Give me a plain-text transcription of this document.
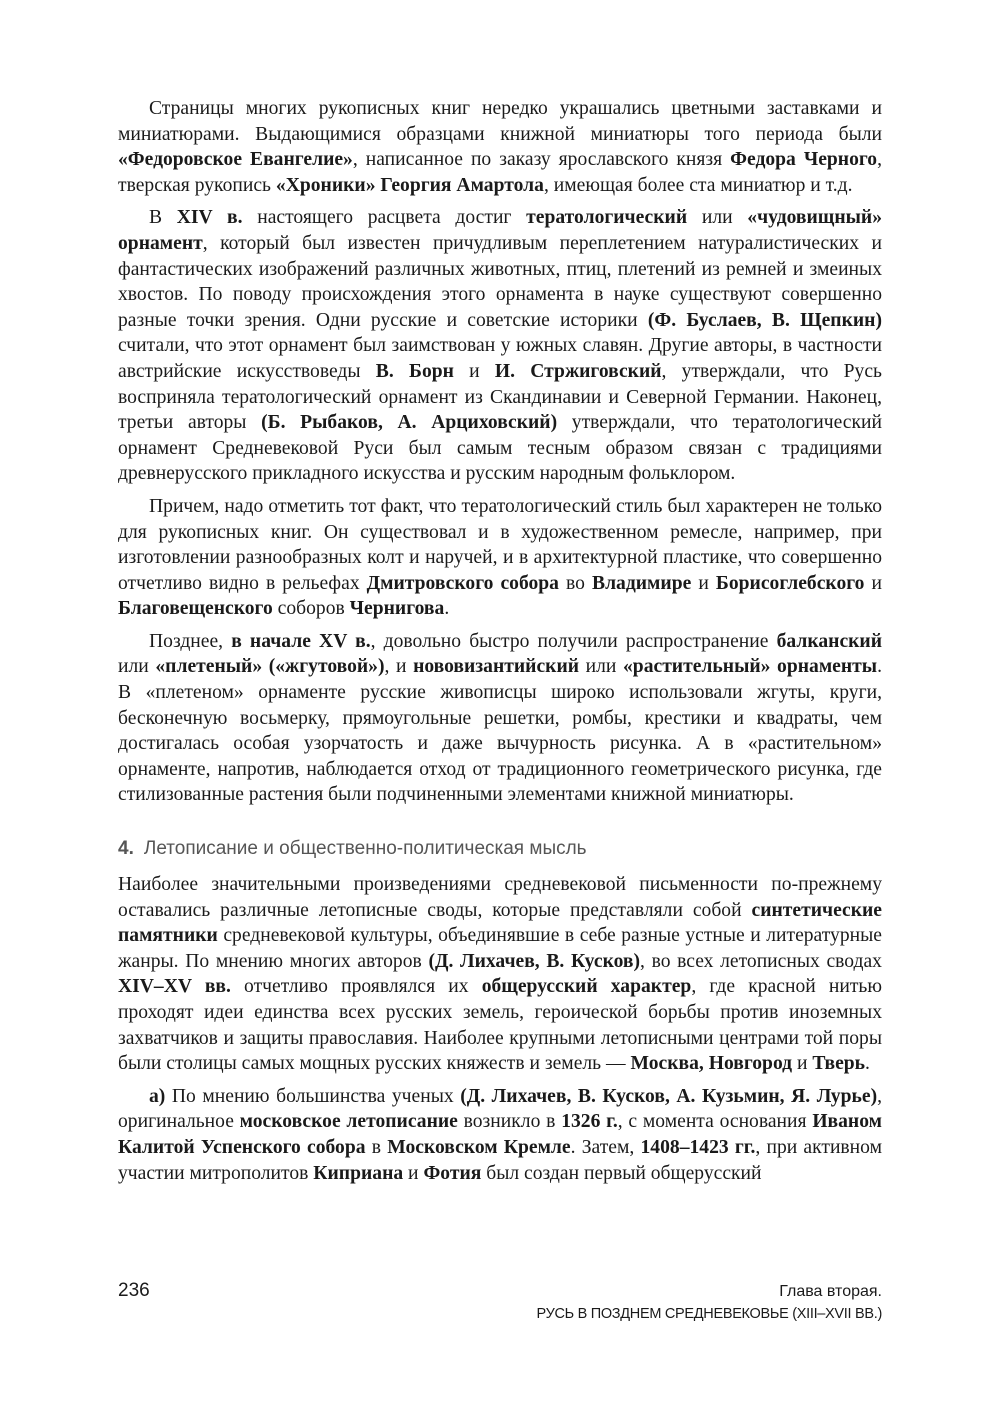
Страницы многих рукописных книг нередко украшались цветными заставками и миниатюрами. Выдающимися образцами книжной миниатюры того периода были «Федоровское Евангелие», написанное по заказу ярославского князя Федора Черного, тверская рукопись «Хроники» Георгия Амартола, имеющая более ста миниатюр и т.д.

В XIV в. настоящего расцвета достиг тератологический или «чудовищный» орнамент, который был известен причудливым переплетением натуралистических и фантастических изображений различных животных, птиц, плетений из ремней и змеиных хвостов. По поводу происхождения этого орнамента в науке существуют совершенно разные точки зрения. Одни русские и советские историки (Ф. Буслаев, В. Щепкин) считали, что этот орнамент был заимствован у южных славян. Другие авторы, в частности австрийские искусствоведы В. Борн и И. Стржиговский, утверждали, что Русь восприняла тератологический орнамент из Скандинавии и Северной Германии. Наконец, третьи авторы (Б. Рыбаков, А. Арциховский) утверждали, что тератологический орнамент Средневековой Руси был самым тесным образом связан с традициями древнерусского прикладного искусства и русским народным фольклором.

Причем, надо отметить тот факт, что тератологический стиль был характерен не только для рукописных книг. Он существовал и в художественном ремесле, например, при изготовлении разнообразных колт и наручей, и в архитектурной пластике, что совершенно отчетливо видно в рельефах Дмитровского собора во Владимире и Борисоглебского и Благовещенского соборов Чернигова.

Позднее, в начале XV в., довольно быстро получили распространение балканский или «плетеный» («жгутовой»), и нововизантийский или «растительный» орнаменты. В «плетеном» орнаменте русские живописцы широко использовали жгуты, круги, бесконечную восьмерку, прямоугольные решетки, ромбы, крестики и квадраты, чем достигалась особая узорчатость и даже вычурность рисунка. А в «растительном» орнаменте, напротив, наблюдается отход от традиционного геометрического рисунка, где стилизованные растения были подчиненными элементами книжной миниатюры.

4. Летописание и общественно-политическая мысль

Наиболее значительными произведениями средневековой письменности по-прежнему оставались различные летописные своды, которые представляли собой синтетические памятники средневековой культуры, объединявшие в себе разные устные и литературные жанры. По мнению многих авторов (Д. Лихачев, В. Кусков), во всех летописных сводах XIV–XV вв. отчетливо проявлялся их общерусский характер, где красной нитью проходят идеи единства всех русских земель, героической борьбы против иноземных захватчиков и защиты православия. Наиболее крупными летописными центрами той поры были столицы самых мощных русских княжеств и земель — Москва, Новгород и Тверь.

а) По мнению большинства ученых (Д. Лихачев, В. Кусков, А. Кузьмин, Я. Лурье), оригинальное московское летописание возникло в 1326 г., с момента основания Иваном Калитой Успенского собора в Московском Кремле. Затем, 1408–1423 гг., при активном участии митрополитов Киприана и Фотия был создан первый общерусский

236	Глава вторая.
РУСЬ В ПОЗДНЕМ СРЕДНЕВЕКОВЬЕ (XIII–XVII ВВ.)
